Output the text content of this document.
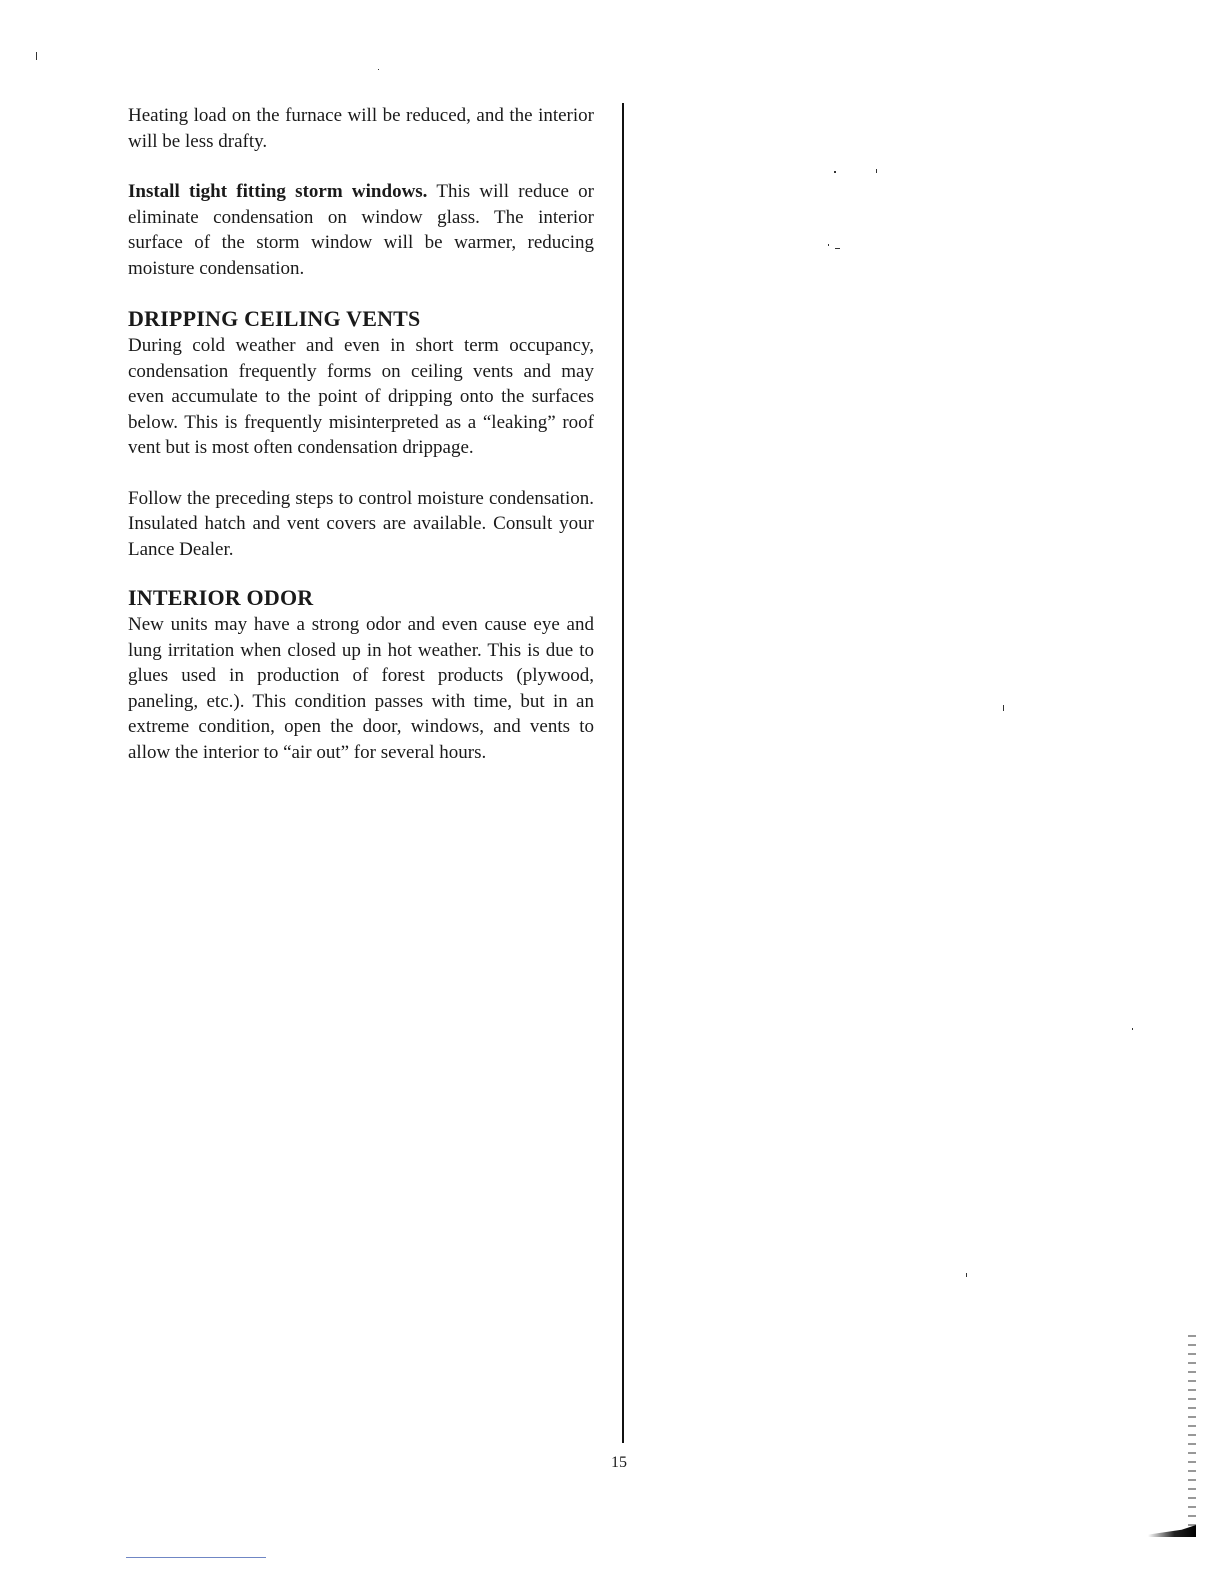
Heating load on the furnace will be reduced, and the interior will be less drafty.

Install tight fitting storm windows. This will reduce or eliminate condensation on window glass. The interior surface of the storm window will be warmer, reducing moisture condensation.

DRIPPING CEILING VENTS

During cold weather and even in short term occupancy, condensation frequently forms on ceiling vents and may even accumulate to the point of dripping onto the surfaces below. This is frequently misinterpreted as a “leaking” roof vent but is most often condensation drippage.

Follow the preceding steps to control moisture condensation. Insulated hatch and vent covers are available. Consult your Lance Dealer.

INTERIOR ODOR

New units may have a strong odor and even cause eye and lung irritation when closed up in hot weather. This is due to glues used in production of forest products (plywood, paneling, etc.). This condition passes with time, but in an extreme condition, open the door, windows, and vents to allow the interior to “air out” for several hours.

15
